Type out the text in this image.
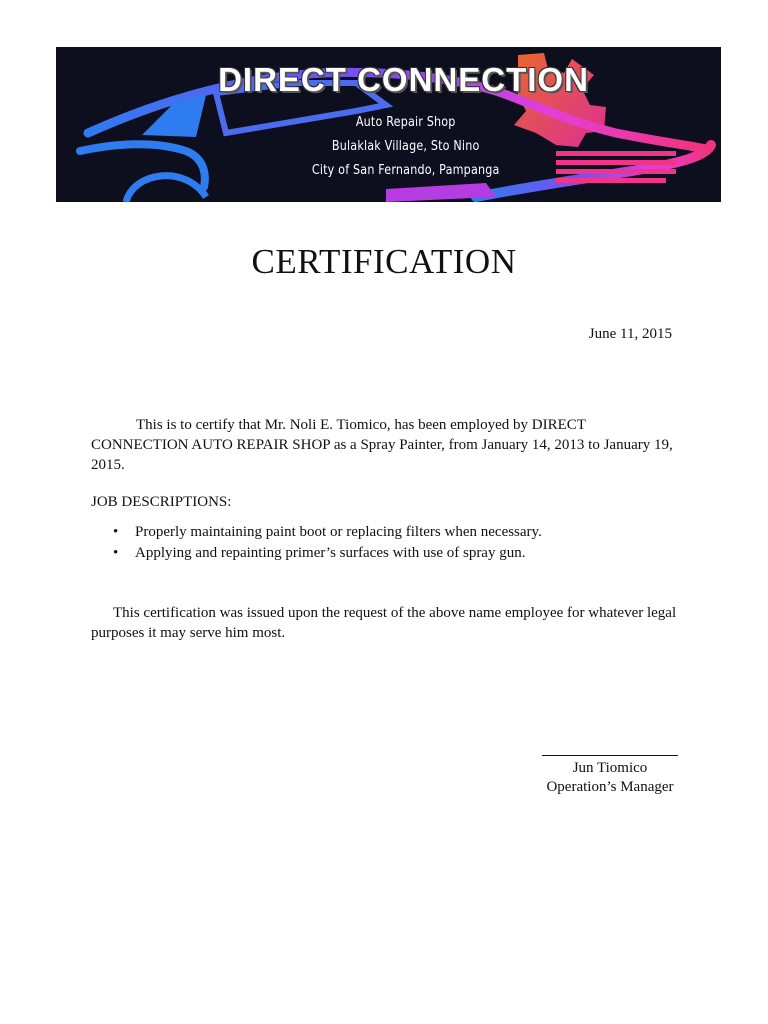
DIRECT CONNECTION
Auto Repair Shop
Bulaklak Village, Sto Nino
City of San Fernando, Pampanga
CERTIFICATION
June 11, 2015

This is to certify that Mr. Noli E. Tiomico, has been employed by DIRECT CONNECTION AUTO REPAIR SHOP as a Spray Painter, from January 14, 2013 to January 19, 2015.

JOB DESCRIPTIONS:
• Properly maintaining paint boot or replacing filters when necessary.
• Applying and repainting primer’s surfaces with use of spray gun.

This certification was issued upon the request of the above name employee for whatever legal purposes it may serve him most.

Jun Tiomico
Operation’s Manager
